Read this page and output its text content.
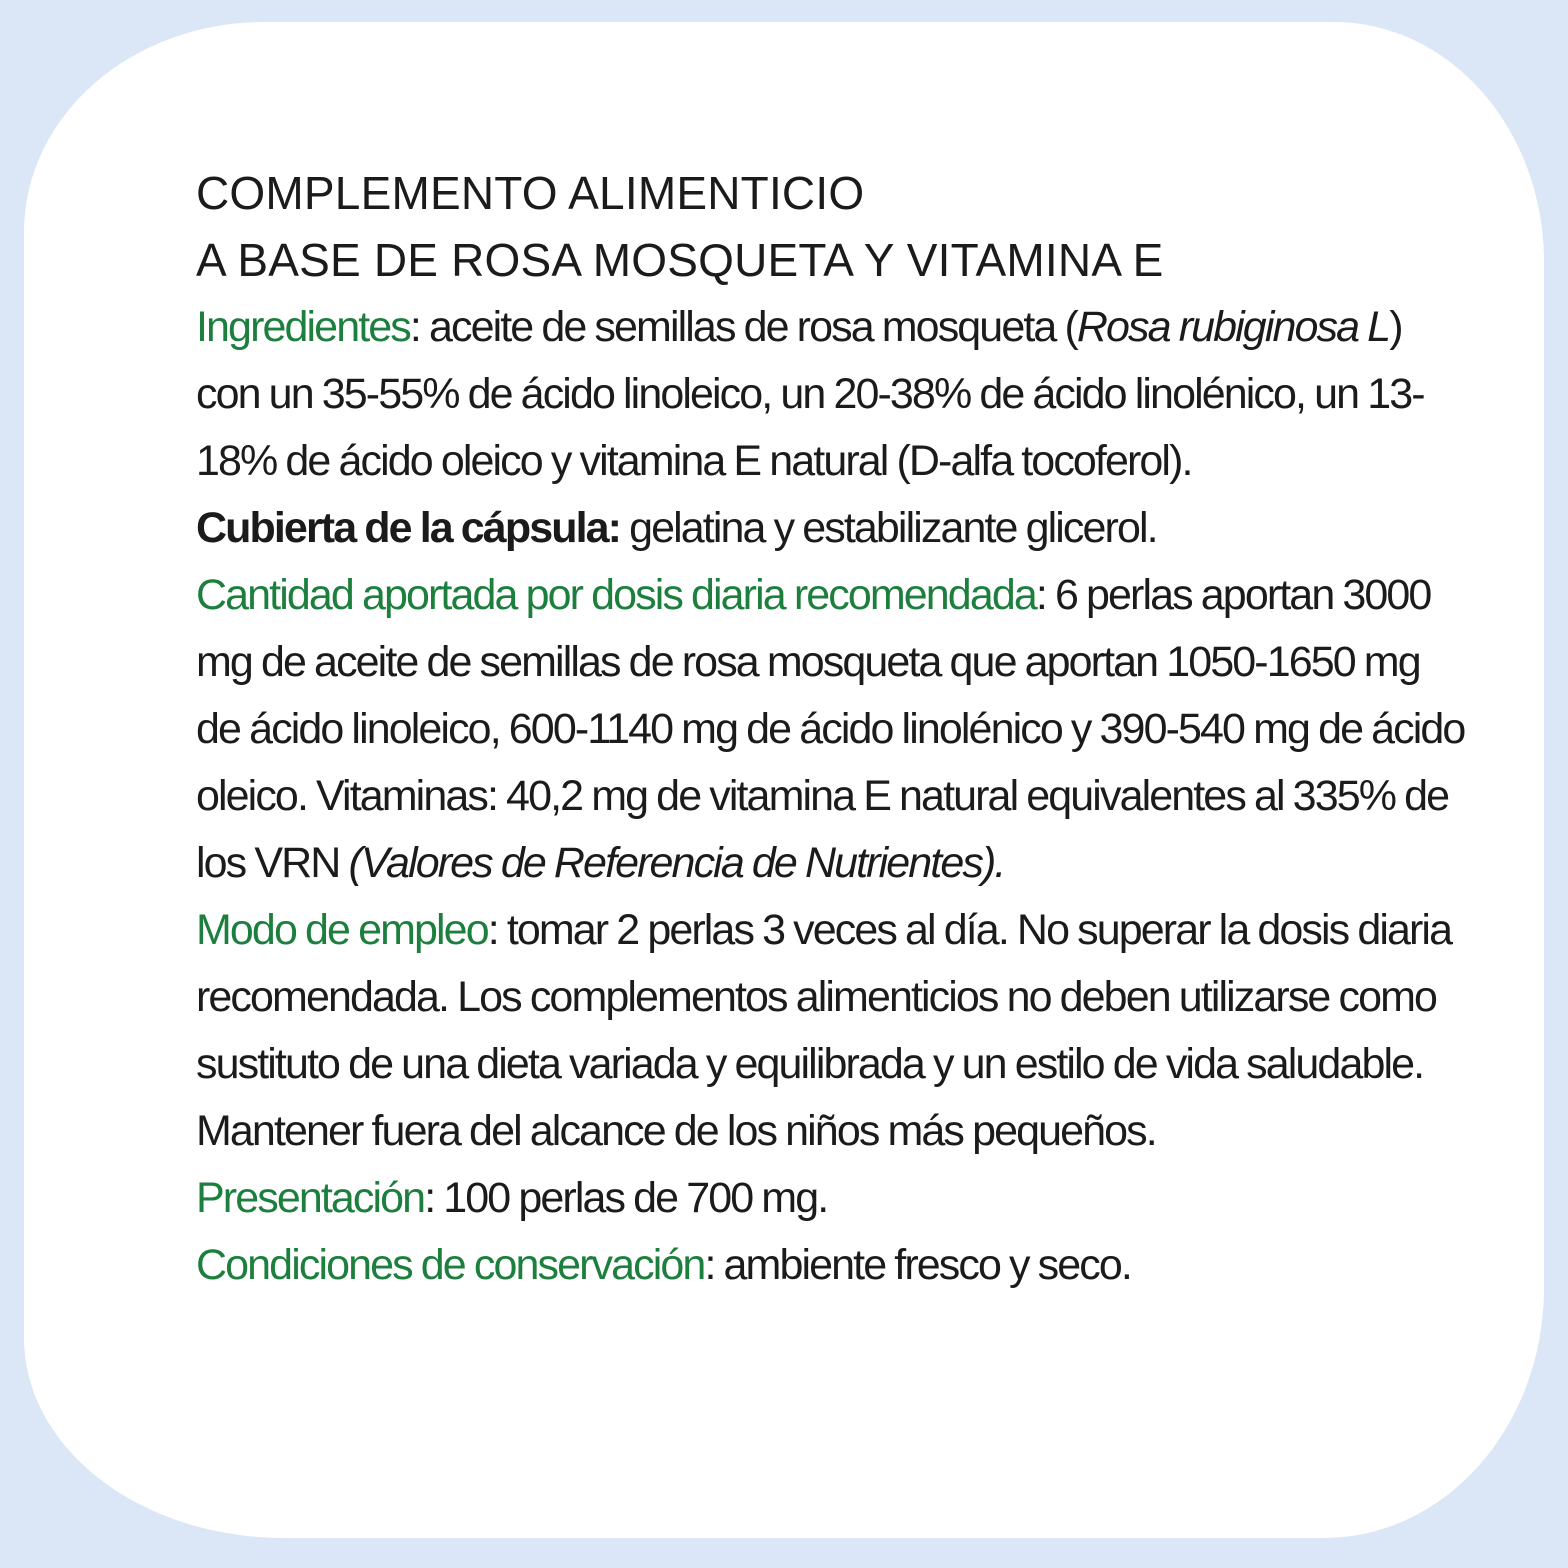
COMPLEMENTO ALIMENTICIO
A BASE DE ROSA MOSQUETA Y VITAMINA E

Ingredientes: aceite de semillas de rosa mosqueta (Rosa rubiginosa L) con un 35-55% de ácido linoleico, un 20-38% de ácido linolénico, un 13-18% de ácido oleico y vitamina E natural (D-alfa tocoferol).

Cubierta de la cápsula: gelatina y estabilizante glicerol.

Cantidad aportada por dosis diaria recomendada: 6 perlas aportan 3000 mg de aceite de semillas de rosa mosqueta que aportan 1050-1650 mg de ácido linoleico, 600-1140 mg de ácido linolénico y 390-540 mg de ácido oleico. Vitaminas: 40,2 mg de vitamina E natural equivalentes al 335% de los VRN (Valores de Referencia de Nutrientes).

Modo de empleo: tomar 2 perlas 3 veces al día. No superar la dosis diaria recomendada. Los complementos alimenticios no deben utilizarse como sustituto de una dieta variada y equilibrada y un estilo de vida saludable. Mantener fuera del alcance de los niños más pequeños.

Presentación: 100 perlas de 700 mg.

Condiciones de conservación: ambiente fresco y seco.
